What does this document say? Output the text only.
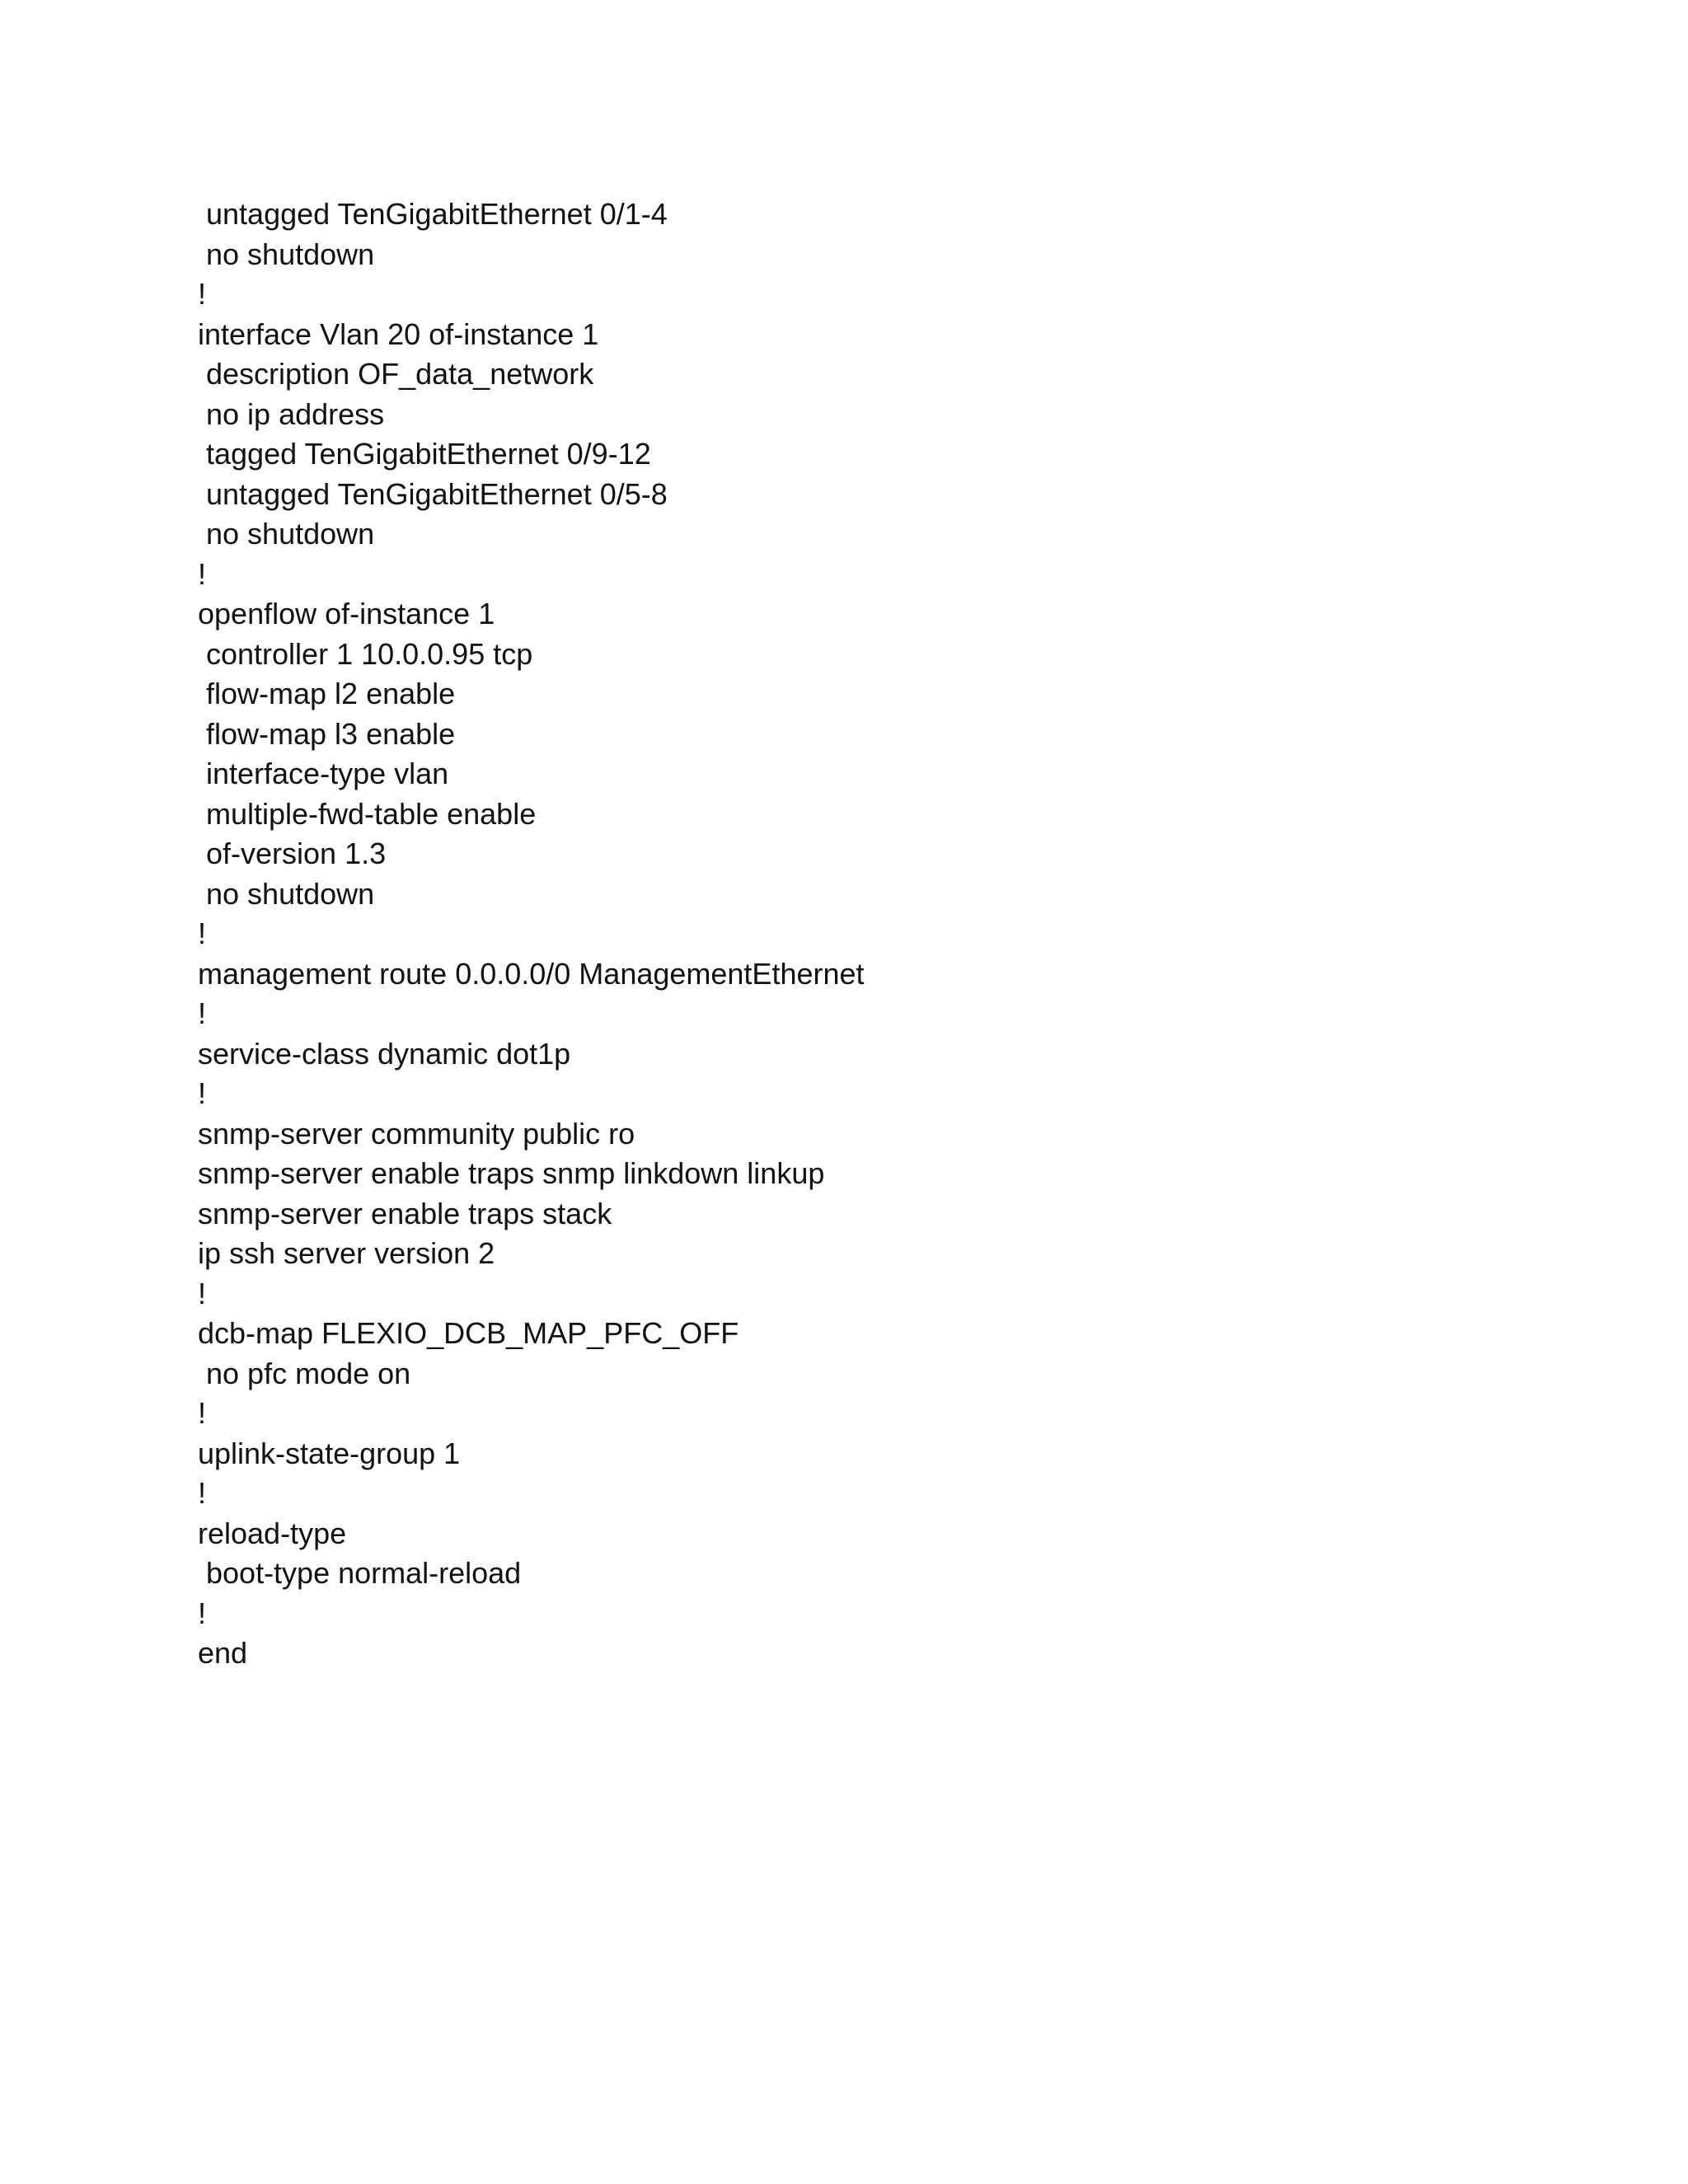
untagged TenGigabitEthernet 0/1-4
no shutdown
!
interface Vlan 20 of-instance 1
description OF_data_network
no ip address
tagged TenGigabitEthernet 0/9-12
untagged TenGigabitEthernet 0/5-8
no shutdown
!
openflow of-instance 1
controller 1 10.0.0.95 tcp
flow-map l2 enable
flow-map l3 enable
interface-type vlan
multiple-fwd-table enable
of-version 1.3
no shutdown
!
management route 0.0.0.0/0 ManagementEthernet
!
service-class dynamic dot1p
!
snmp-server community public ro
snmp-server enable traps snmp linkdown linkup
snmp-server enable traps stack
ip ssh server version 2
!
dcb-map FLEXIO_DCB_MAP_PFC_OFF
no pfc mode on
!
uplink-state-group 1
!
reload-type
boot-type normal-reload
!
end
